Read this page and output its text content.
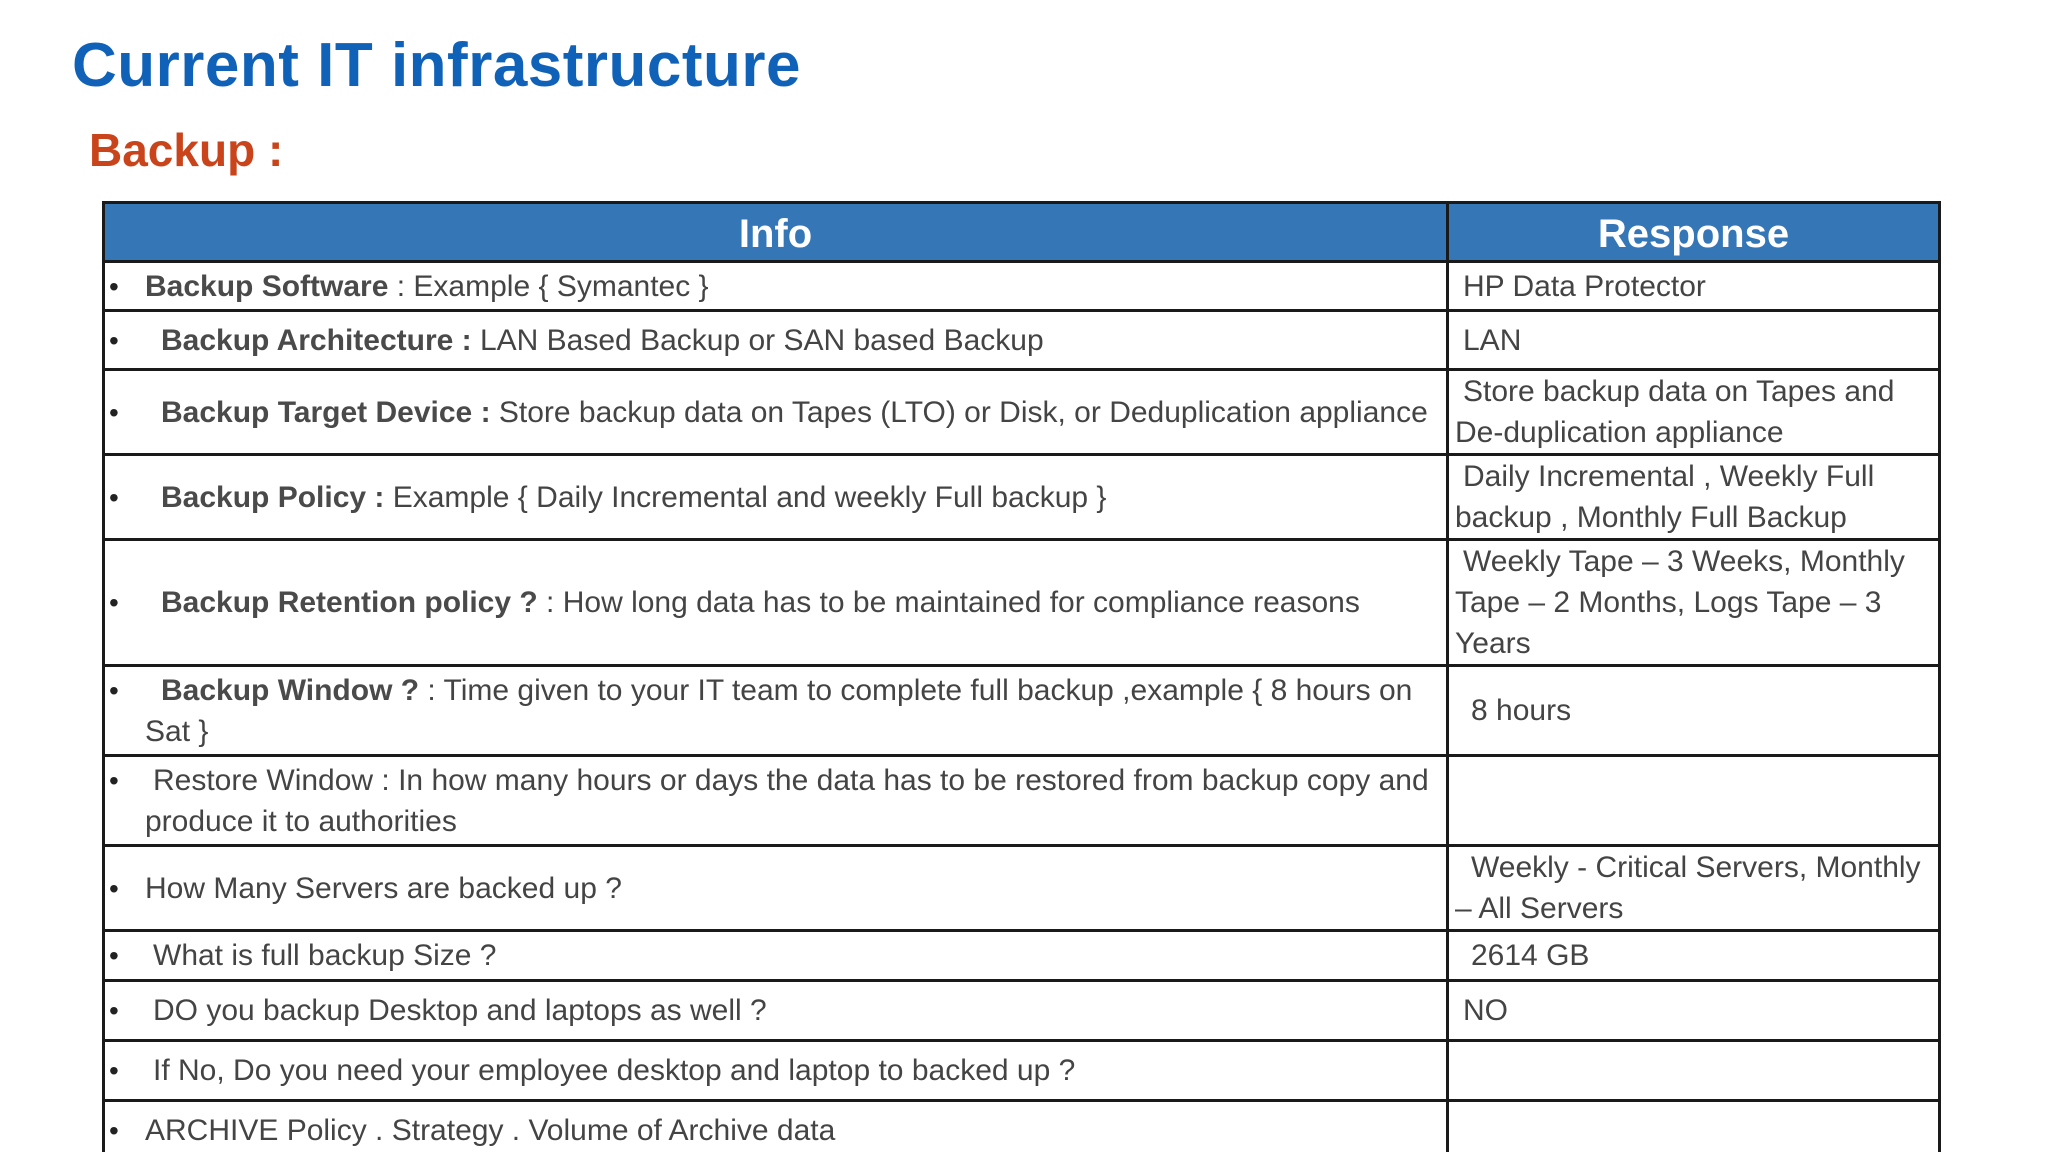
Current IT infrastructure
Backup :
Info	Response

• Backup Software : Example { Symantec }	HP Data Protector

• Backup Architecture : LAN Based Backup or SAN based Backup	LAN

• Backup Target Device : Store backup data on Tapes (LTO) or Disk, or Deduplication appliance	Store backup data on Tapes and De-duplication appliance

• Backup Policy : Example { Daily Incremental and weekly Full backup }	Daily Incremental , Weekly Full backup , Monthly Full Backup

• Backup Retention policy ? : How long data has to be maintained for compliance reasons	Weekly Tape – 3 Weeks, Monthly Tape – 2 Months, Logs Tape – 3 Years

• Backup Window ? : Time given to your IT team to complete full backup ,example { 8 hours on Sat }	8 hours

• Restore Window : In how many hours or days the data has to be restored from backup copy and produce it to authorities	

• How Many Servers are backed up ?	Weekly - Critical Servers, Monthly – All Servers

• What is full backup Size ?	2614 GB

• DO you backup Desktop and laptops as well ?	NO

• If No, Do you need your employee desktop and laptop to backed up ?	

• ARCHIVE Policy . Strategy . Volume of Archive data	
